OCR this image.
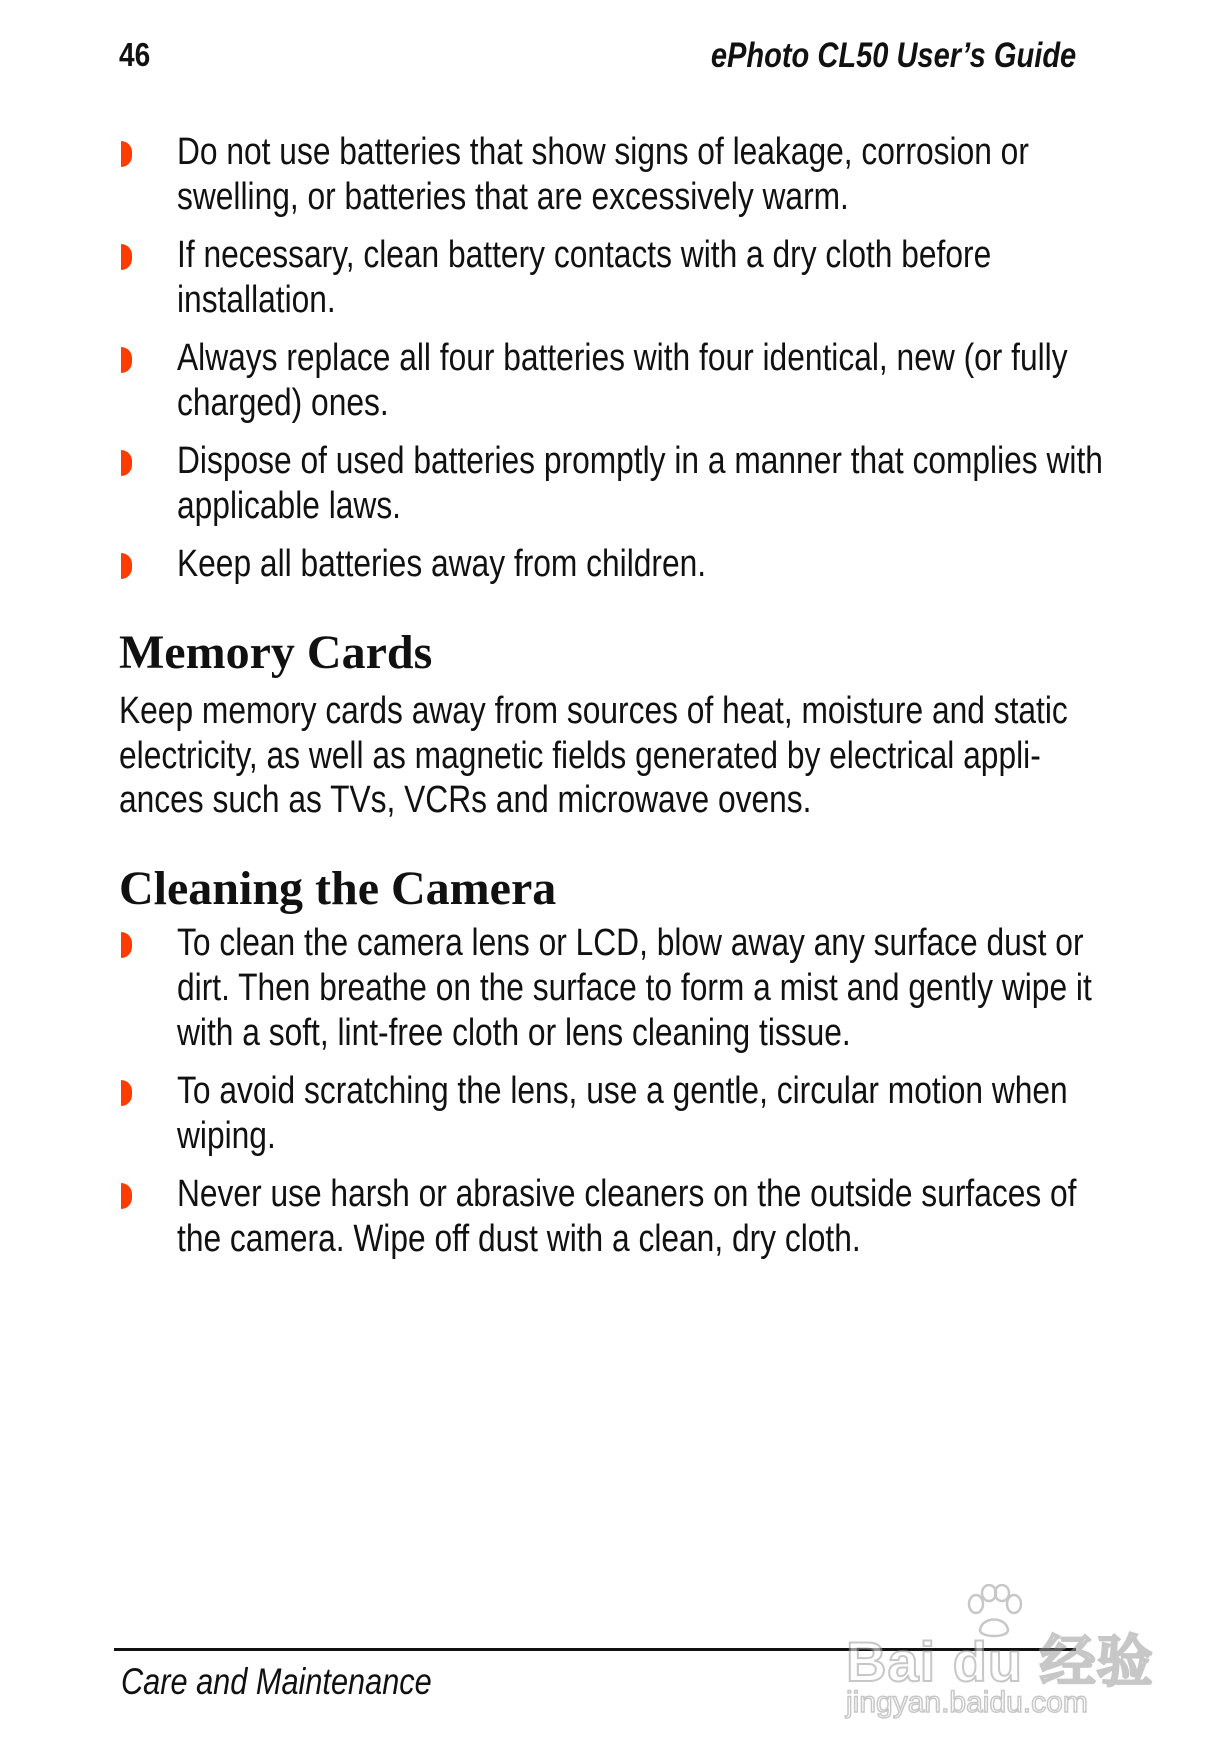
46	ePhoto CL50 User’s Guide
Do not use batteries that show signs of leakage, corrosion or swelling, or batteries that are excessively warm.
If necessary, clean battery contacts with a dry cloth before installation.
Always replace all four batteries with four identical, new (or fully charged) ones.
Dispose of used batteries promptly in a manner that complies with applicable laws.
Keep all batteries away from children.
Memory Cards

Keep memory cards away from sources of heat, moisture and static electricity, as well as magnetic fields generated by electrical appli-ances such as TVs, VCRs and microwave ovens.

Cleaning the Camera
To clean the camera lens or LCD, blow away any surface dust or dirt. Then breathe on the surface to form a mist and gently wipe it with a soft, lint-free cloth or lens cleaning tissue.
To avoid scratching the lens, use a gentle, circular motion when wiping.
Never use harsh or abrasive cleaners on the outside surfaces of the camera. Wipe off dust with a clean, dry cloth.
Care and Maintenance	Bai du 经验
jingyan.baidu.com
